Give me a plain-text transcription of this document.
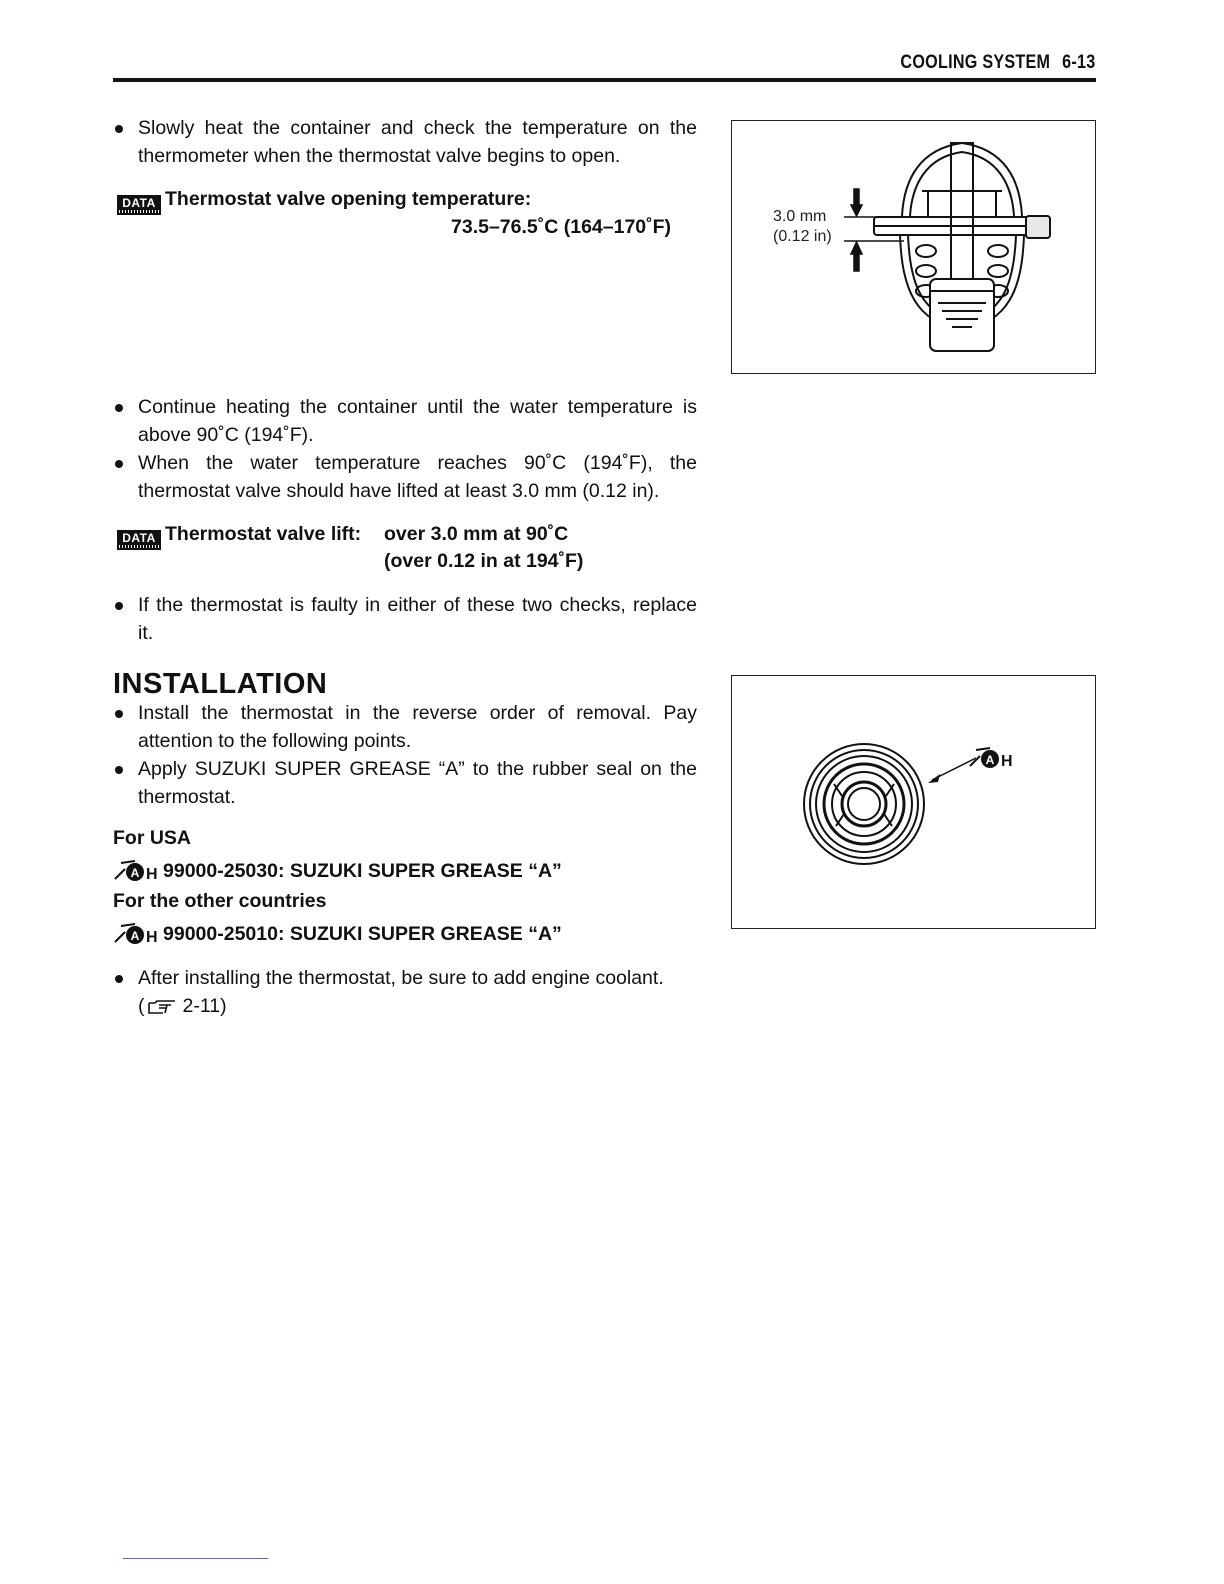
COOLING SYSTEM 6-13
Slowly heat the container and check the temperature on the thermometer when the thermostat valve begins to open.
DATA Thermostat valve opening temperature:
73.5–76.5˚C (164–170˚F)	3.0 mm
(0.12 in)
Continue heating the container until the water temperature is above 90˚C (194˚F).
When the water temperature reaches 90˚C (194˚F), the thermostat valve should have lifted at least 3.0 mm (0.12 in).
DATA Thermostat valve lift: over 3.0 mm at 90˚C
(over 0.12 in at 194˚F)
If the thermostat is faulty in either of these two checks, replace it.
INSTALLATION
Install the thermostat in the reverse order of removal. Pay attention to the following points.
Apply SUZUKI SUPER GREASE “A” to the rubber seal on the thermostat.
For USA
A H 99000-25030: SUZUKI SUPER GREASE “A”
For the other countries
A H 99000-25010: SUZUKI SUPER GREASE “A”
After installing the thermostat, be sure to add engine coolant.
( 2-11)
A H
